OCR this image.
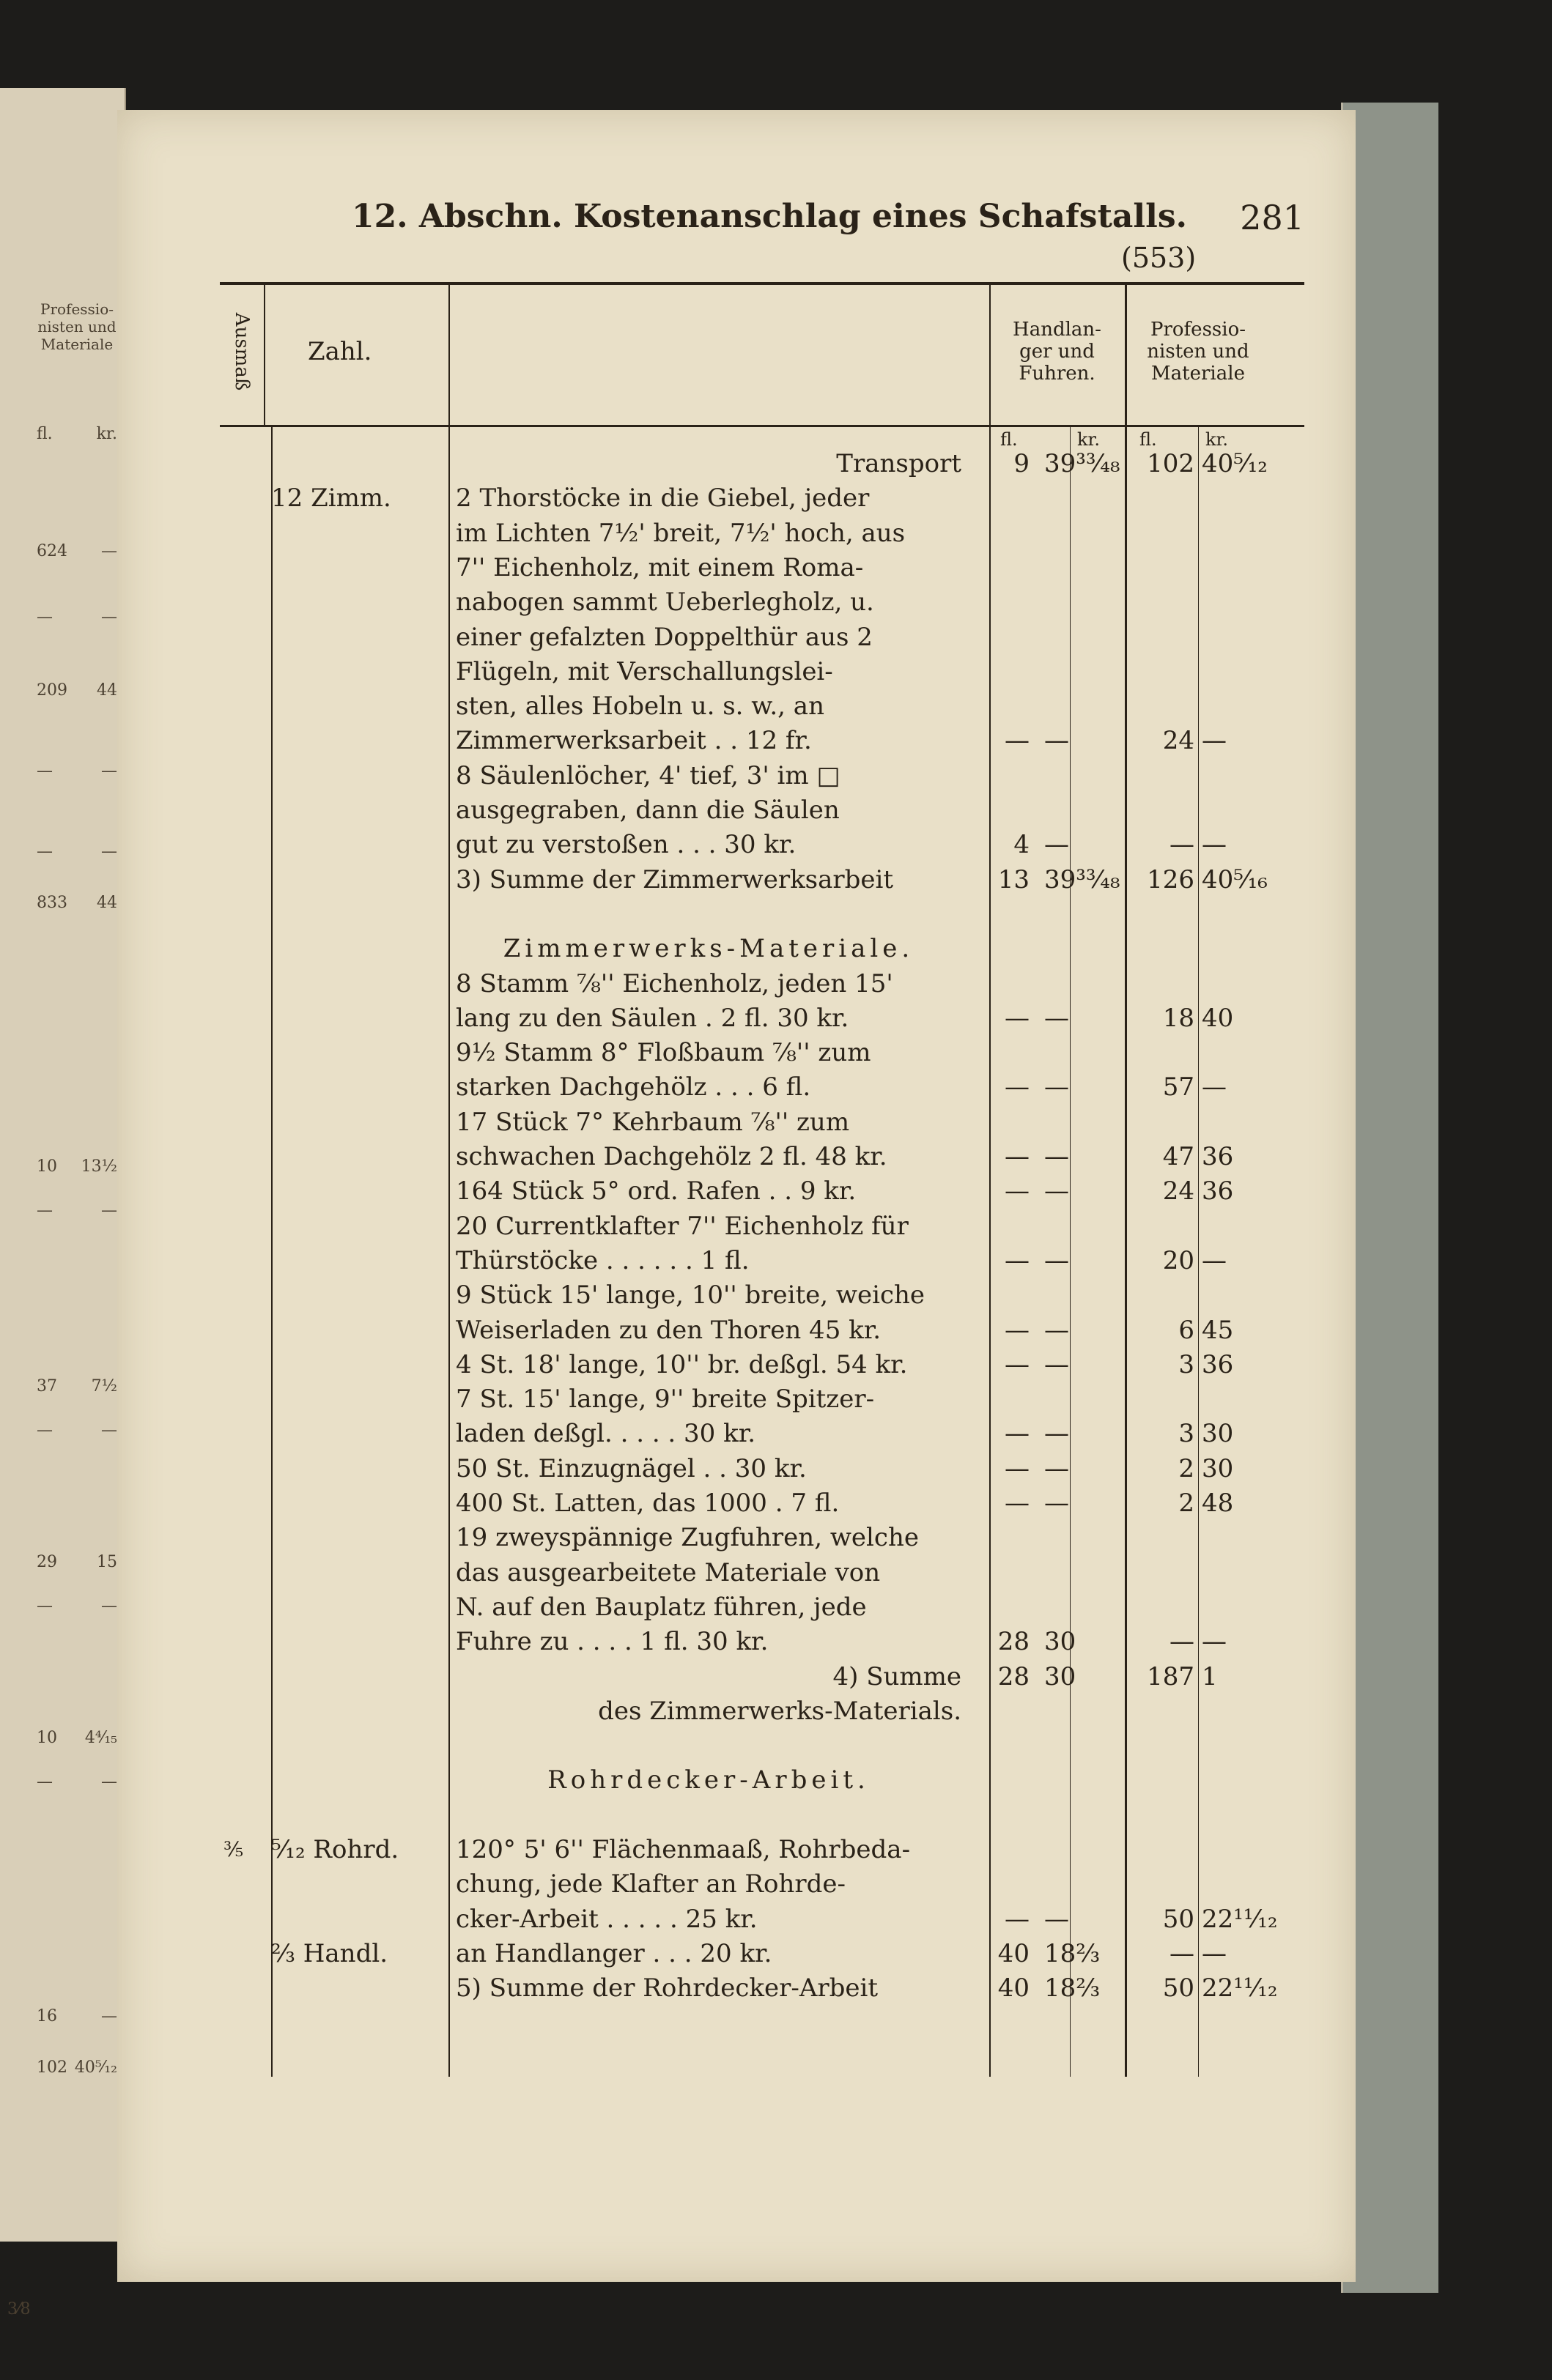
Professio-
nisten und
Materiale
fl.	kr.
624 —
—	—
209 44
—	—
—	—
833 44
10 13½
—	—
37 7½
—	—
29 15
—	—
10 4⁴⁄₁₅
—	—
16	—
102 40⁵⁄₁₂
3⁄8
12. Abschn. Kostenanschlag eines Schafstalls. 281
(553)
Ausmaß Zahl.
Handlan-
ger und
Fuhren.
Professio-
nisten und
Materiale
fl.	kr. fl.	kr.
Transport	9 39³³⁄₄₈	102 40⁵⁄₁₂
12 Zimm.	2 Thorstöcke in die Giebel, jeder
im Lichten 7½' breit, 7½' hoch, aus
7'' Eichenholz, mit einem Roma-
nabogen sammt Ueberlegholz, u.
einer gefalzten Doppelthür aus 2
Flügeln, mit Verschallungslei-
sten, alles Hobeln u. s. w., an
Zimmerwerksarbeit . . 12 fr.	— —	24 —
8 Säulenlöcher, 4' tief, 3' im □
ausgegraben, dann die Säulen
gut zu verstoßen . . . 30 kr.	4 —	— —
3) Summe der Zimmerwerksarbeit	13 39³³⁄₄₈	126 40⁵⁄₁₆
Zimmerwerks-Materiale.
8 Stamm ⅞'' Eichenholz, jeden 15'
lang zu den Säulen . 2 fl. 30 kr.	— —	18 40
9½ Stamm 8° Floßbaum ⅞'' zum
starken Dachgehölz . . . 6 fl.	— —	57 —
17 Stück 7° Kehrbaum ⅞'' zum
schwachen Dachgehölz 2 fl. 48 kr.	— —	47 36
164 Stück 5° ord. Rafen . . 9 kr.	— —	24 36
20 Currentklafter 7'' Eichenholz für
Thürstöcke . . . . . . 1 fl.	— —	20 —
9 Stück 15' lange, 10'' breite, weiche
Weiserladen zu den Thoren 45 kr.	— —	6 45
4 St. 18' lange, 10'' br. deßgl. 54 kr.	— —	3 36
7 St. 15' lange, 9'' breite Spitzer-
laden deßgl. . . . . 30 kr.	— —	3 30
50 St. Einzugnägel . . 30 kr.	— —	2 30
400 St. Latten, das 1000 . 7 fl.	— —	2 48
19 zweyspännige Zugfuhren, welche
das ausgearbeitete Materiale von
N. auf den Bauplatz führen, jede
Fuhre zu . . . . 1 fl. 30 kr.	28 30	— —
4) Summe	28 30	187 1
des Zimmerwerks-Materials.
Rohrdecker-Arbeit.
⅗	⁵⁄₁₂ Rohrd.	120° 5' 6'' Flächenmaaß, Rohrbeda-
chung, jede Klafter an Rohrde-
cker-Arbeit . . . . . 25 kr.	— —	50 22¹¹⁄₁₂
⅔ Handl.	an Handlanger . . . 20 kr.	40 18⅔	— —
5) Summe der Rohrdecker-Arbeit	40 18⅔	50 22¹¹⁄₁₂
